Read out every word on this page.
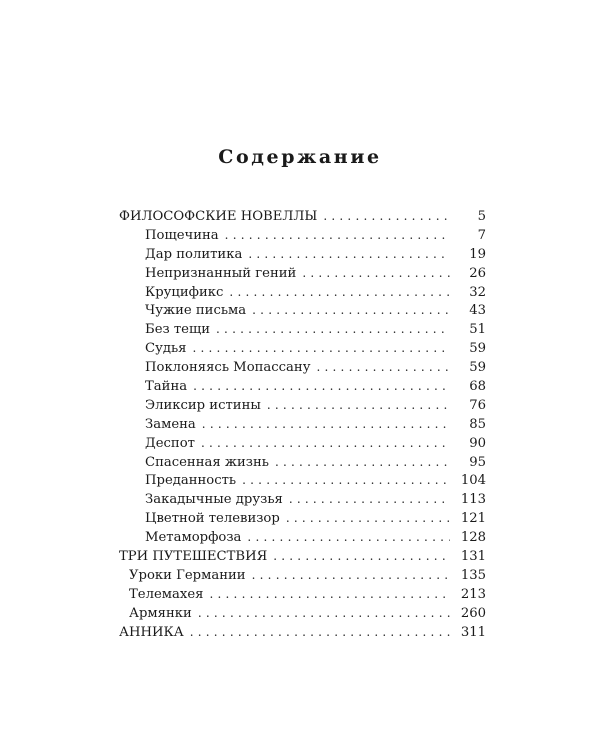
Содержание
ФИЛОСОФСКИЕ НОВЕЛЛЫ . . .	5
Пощечина . . .	7
Дар политика . . .	19
Непризнанный гений . . .	26
Круцификс . . .	32
Чужие письма . . .	43
Без тещи . . .	51
Судья . . .	59
Поклоняясь Мопассану . . .	59
Тайна . . .	68
Эликсир истины . . .	76
Замена . . .	85
Деспот . . .	90
Спасенная жизнь . . .	95
Преданность . . .	104
Закадычные друзья . . .	113
Цветной телевизор . . .	121
Метаморфоза . . .	128
ТРИ ПУТЕШЕСТВИЯ . . .	131
Уроки Германии . . .	135
Телемахея . . .	213
Армянки . . .	260
АННИКА . . .	311
